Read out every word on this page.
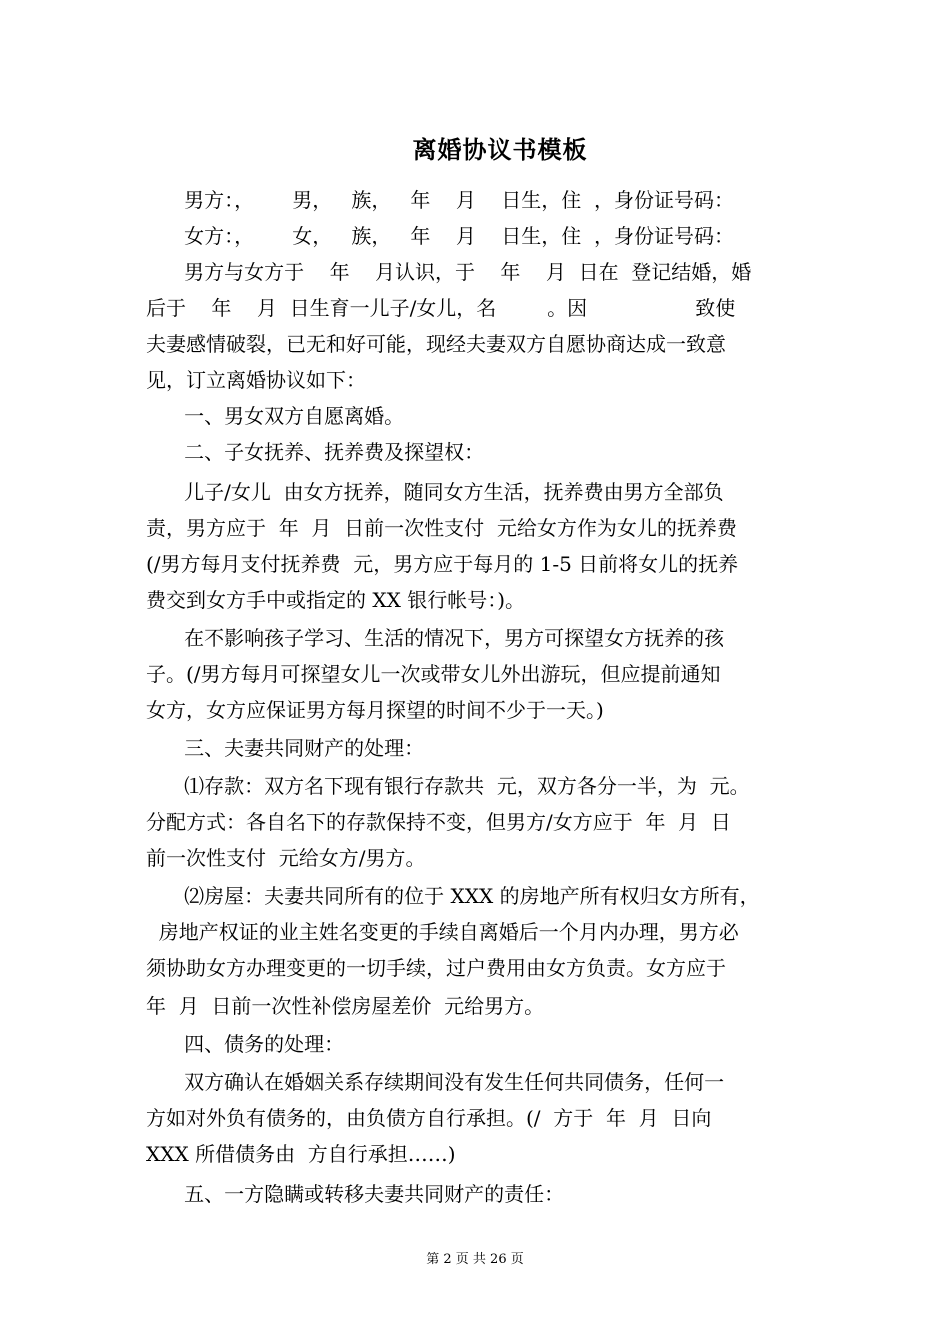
离婚协议书模板
男方：，      男，   族，   年    月    日生，住  ，身份证号码：
女方：，      女，   族，   年    月    日生，住  ，身份证号码：
男方与女方于    年    月认识，于    年    月  日在  登记结婚，婚
后于    年    月  日生育一儿子/女儿，名        。因                 致使
夫妻感情破裂，已无和好可能，现经夫妻双方自愿协商达成一致意
见，订立离婚协议如下：
一、男女双方自愿离婚。
二、子女抚养、抚养费及探望权：
儿子/女儿  由女方抚养，随同女方生活，抚养费由男方全部负
责，男方应于  年  月  日前一次性支付  元给女方作为女儿的抚养费
(/男方每月支付抚养费  元，男方应于每月的 1-5 日前将女儿的抚养
费交到女方手中或指定的 XX 银行帐号：)。
在不影响孩子学习、生活的情况下，男方可探望女方抚养的孩
子。(/男方每月可探望女儿一次或带女儿外出游玩，但应提前通知
女方，女方应保证男方每月探望的时间不少于一天。)
三、夫妻共同财产的处理：
⑴存款：双方名下现有银行存款共  元，双方各分一半，为  元。
分配方式：各自名下的存款保持不变，但男方/女方应于  年  月  日
前一次性支付  元给女方/男方。
⑵房屋：夫妻共同所有的位于 XXX 的房地产所有权归女方所有，
房地产权证的业主姓名变更的手续自离婚后一个月内办理，男方必
须协助女方办理变更的一切手续，过户费用由女方负责。女方应于
年  月  日前一次性补偿房屋差价  元给男方。
四、债务的处理：
双方确认在婚姻关系存续期间没有发生任何共同债务，任何一
方如对外负有债务的，由负债方自行承担。(/  方于  年  月  日向
XXX 所借债务由  方自行承担……)
五、一方隐瞒或转移夫妻共同财产的责任：
第 2 页 共 26 页
